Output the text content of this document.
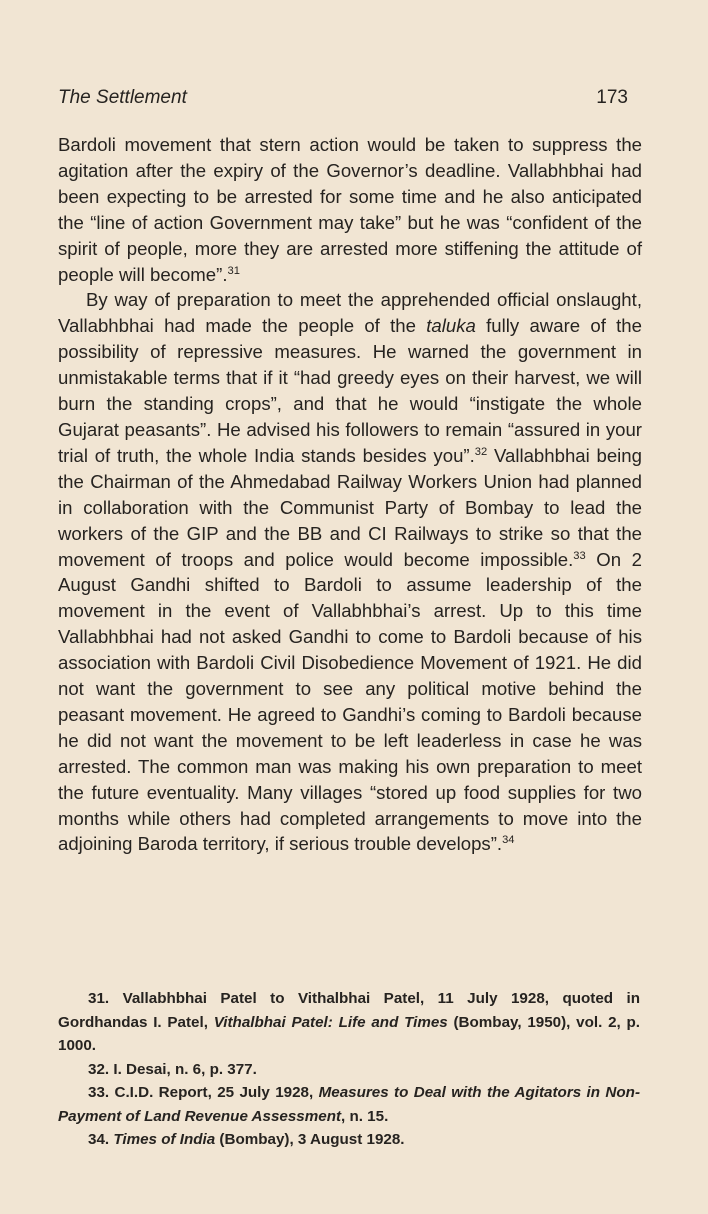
The Settlement	173

Bardoli movement that stern action would be taken to suppress the agitation after the expiry of the Governor’s deadline. Vallabhbhai had been expecting to be arrested for some time and he also anticipated the “line of action Government may take” but he was “confident of the spirit of people, more they are arrested more stiffening the attitude of people will become”.$^{31}$

By way of preparation to meet the apprehended official onslaught, Vallabhbhai had made the people of the taluka fully aware of the possibility of repressive measures. He warned the government in unmistakable terms that if it “had greedy eyes on their harvest, we will burn the standing crops”, and that he would “instigate the whole Gujarat peasants”. He advised his followers to remain “assured in your trial of truth, the whole India stands besides you”.$^{32}$ Vallabhbhai being the Chairman of the Ahmedabad Railway Workers Union had planned in collaboration with the Communist Party of Bombay to lead the workers of the GIP and the BB and CI Railways to strike so that the movement of troops and police would become impossible.$^{33}$ On 2 August Gandhi shifted to Bardoli to assume leadership of the movement in the event of Vallabhbhai’s arrest. Up to this time Vallabhbhai had not asked Gandhi to come to Bardoli because of his association with Bardoli Civil Disobedience Movement of 1921. He did not want the government to see any political motive behind the peasant movement. He agreed to Gandhi’s coming to Bardoli because he did not want the movement to be left leaderless in case he was arrested. The common man was making his own preparation to meet the future eventuality. Many villages “stored up food supplies for two months while others had completed arrangements to move into the adjoining Baroda territory, if serious trouble develops”.$^{34}$

31. Vallabhbhai Patel to Vithalbhai Patel, 11 July 1928, quoted in Gordhandas I. Patel, Vithalbhai Patel: Life and Times (Bombay, 1950), vol. 2, p. 1000.

32. I. Desai, n. 6, p. 377.

33. C.I.D. Report, 25 July 1928, Measures to Deal with the Agitators in Non-Payment of Land Revenue Assessment, n. 15.

34. Times of India (Bombay), 3 August 1928.
